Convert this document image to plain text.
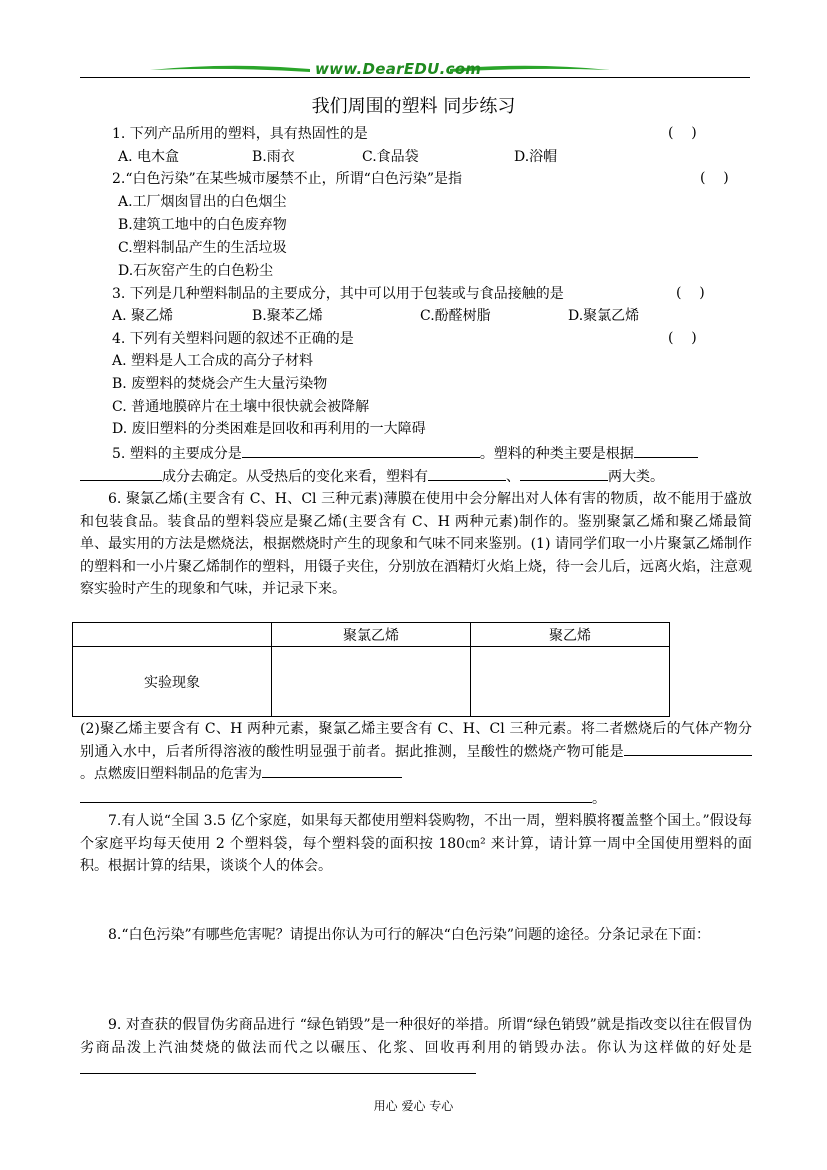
www.DearEDU.com
我们周围的塑料 同步练习
1. 下列产品所用的塑料，具有热固性的是	(    )
A. 电木盒	B.雨衣	C.食品袋	D.浴帽
2.“白色污染”在某些城市屡禁不止，所谓“白色污染”是指	(    )
A.工厂烟囱冒出的白色烟尘
B.建筑工地中的白色废弃物
C.塑料制品产生的生活垃圾
D.石灰窑产生的白色粉尘
3. 下列是几种塑料制品的主要成分，其中可以用于包装或与食品接触的是	(    )
A. 聚乙烯	B.聚苯乙烯	C.酚醛树脂	D.聚氯乙烯
4. 下列有关塑料问题的叙述不正确的是	(    )
A. 塑料是人工合成的高分子材料
B. 废塑料的焚烧会产生大量污染物
C. 普通地膜碎片在土壤中很快就会被降解
D. 废旧塑料的分类困难是回收和再利用的一大障碍
5. 塑料的主要成分是	。塑料的种类主要是根据
成分去确定。从受热后的变化来看，塑料有	、	两大类。
6. 聚氯乙烯(主要含有 C、H、Cl 三种元素)薄膜在使用中会分解出对人体有害的物质，故不能用于盛放和包装食品。装食品的塑料袋应是聚乙烯(主要含有 C、H 两种元素)制作的。鉴别聚氯乙烯和聚乙烯最简单、最实用的方法是燃烧法，根据燃烧时产生的现象和气味不同来鉴别。(1) 请同学们取一小片聚氯乙烯制作的塑料和一小片聚乙烯制作的塑料，用镊子夹住，分别放在酒精灯火焰上烧，待一会儿后，远离火焰，注意观察实验时产生的现象和气味，并记录下来。
	聚氯乙烯	聚乙烯
实验现象		
(2)聚乙烯主要含有 C、H 两种元素，聚氯乙烯主要含有 C、H、Cl 三种元素。将二者燃烧后的气体产物分别通入水中，后者所得溶液的酸性明显强于前者。据此推测，呈酸性的燃烧产物可能是。点燃废旧塑料制品的危害为
。
7.有人说“全国 3.5 亿个家庭，如果每天都使用塑料袋购物，不出一周，塑料膜将覆盖整个国土。”假设每个家庭平均每天使用 2 个塑料袋，每个塑料袋的面积按 180㎝² 来计算，请计算一周中全国使用塑料的面积。根据计算的结果，谈谈个人的体会。
8.“白色污染”有哪些危害呢？请提出你认为可行的解决“白色污染”问题的途径。分条记录在下面：
9. 对查获的假冒伪劣商品进行 “绿色销毁”是一种很好的举措。所谓“绿色销毁”就是指改变以往在假冒伪劣商品泼上汽油焚烧的做法而代之以碾压、化浆、回收再利用的销毁办法。你认为这样做的好处是
用心 爱心 专心
